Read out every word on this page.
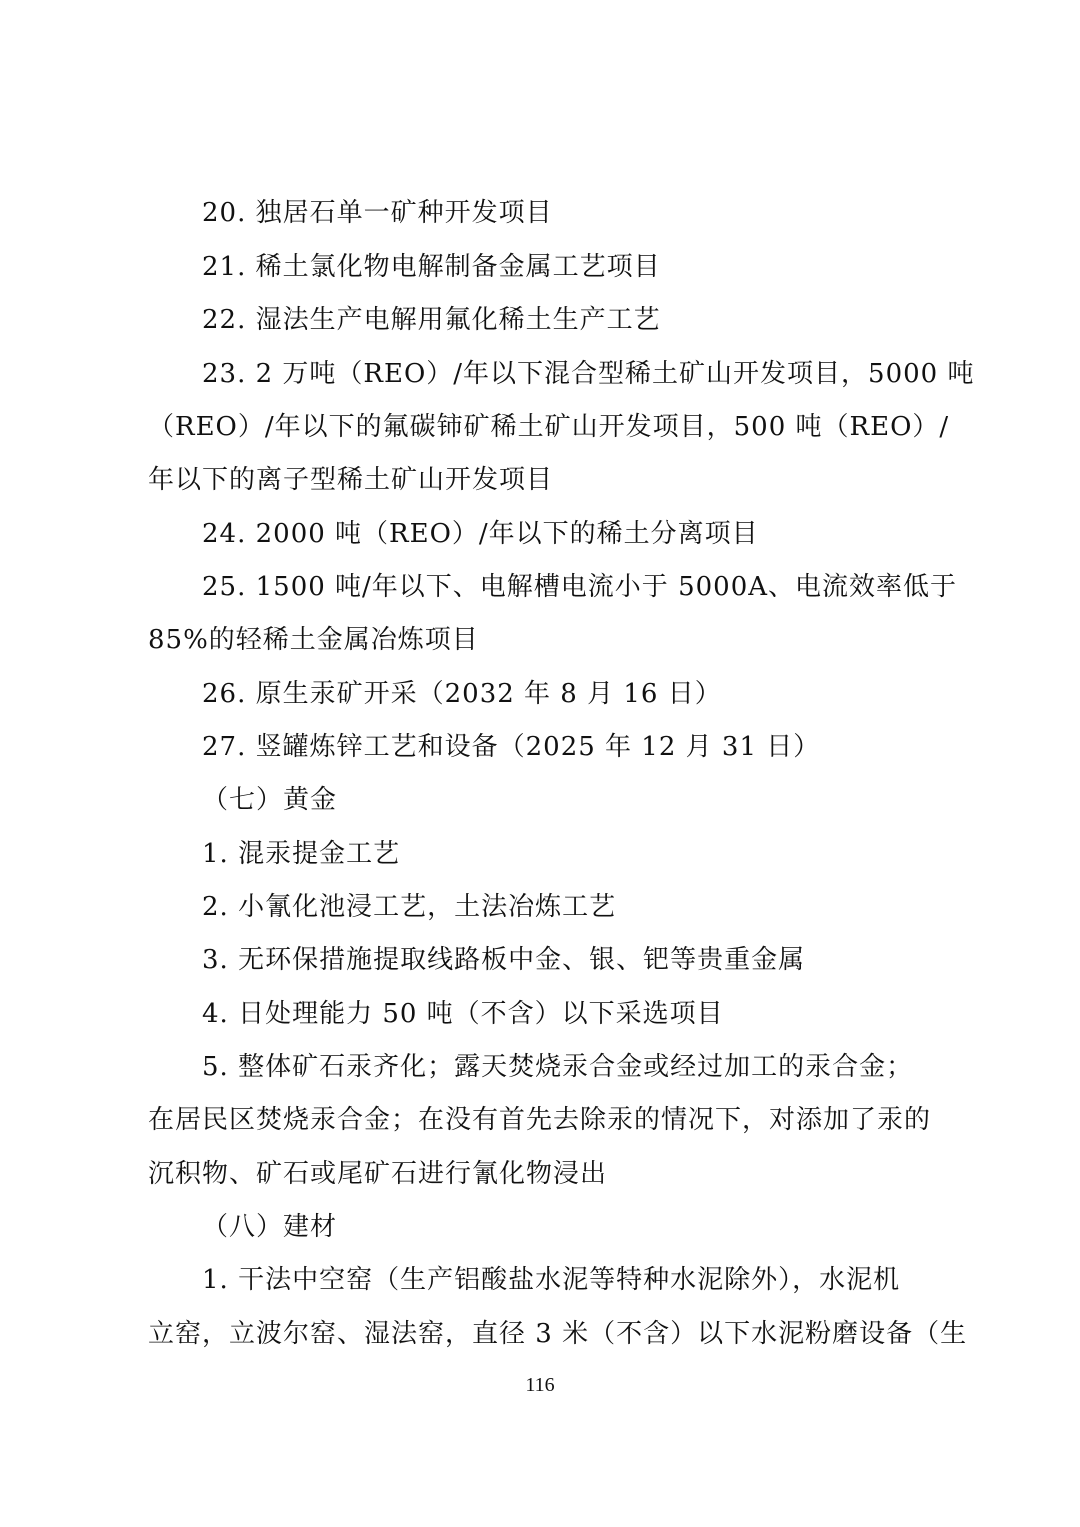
20. 独居石单一矿种开发项目
21. 稀土氯化物电解制备金属工艺项目
22. 湿法生产电解用氟化稀土生产工艺
23. 2 万吨（REO）/年以下混合型稀土矿山开发项目，5000 吨
（REO）/年以下的氟碳铈矿稀土矿山开发项目，500 吨（REO）/
年以下的离子型稀土矿山开发项目
24. 2000 吨（REO）/年以下的稀土分离项目
25. 1500 吨/年以下、电解槽电流小于 5000A、电流效率低于
85%的轻稀土金属冶炼项目
26. 原生汞矿开采（2032 年 8 月 16 日）
27. 竖罐炼锌工艺和设备（2025 年 12 月 31 日）
（七）黄金
1. 混汞提金工艺
2. 小氰化池浸工艺，土法冶炼工艺
3. 无环保措施提取线路板中金、银、钯等贵重金属
4. 日处理能力 50 吨（不含）以下采选项目
5. 整体矿石汞齐化；露天焚烧汞合金或经过加工的汞合金；
在居民区焚烧汞合金；在没有首先去除汞的情况下，对添加了汞的
沉积物、矿石或尾矿石进行氰化物浸出
（八）建材
1. 干法中空窑（生产铝酸盐水泥等特种水泥除外），水泥机
立窑，立波尔窑、湿法窑，直径 3 米（不含）以下水泥粉磨设备（生
116
